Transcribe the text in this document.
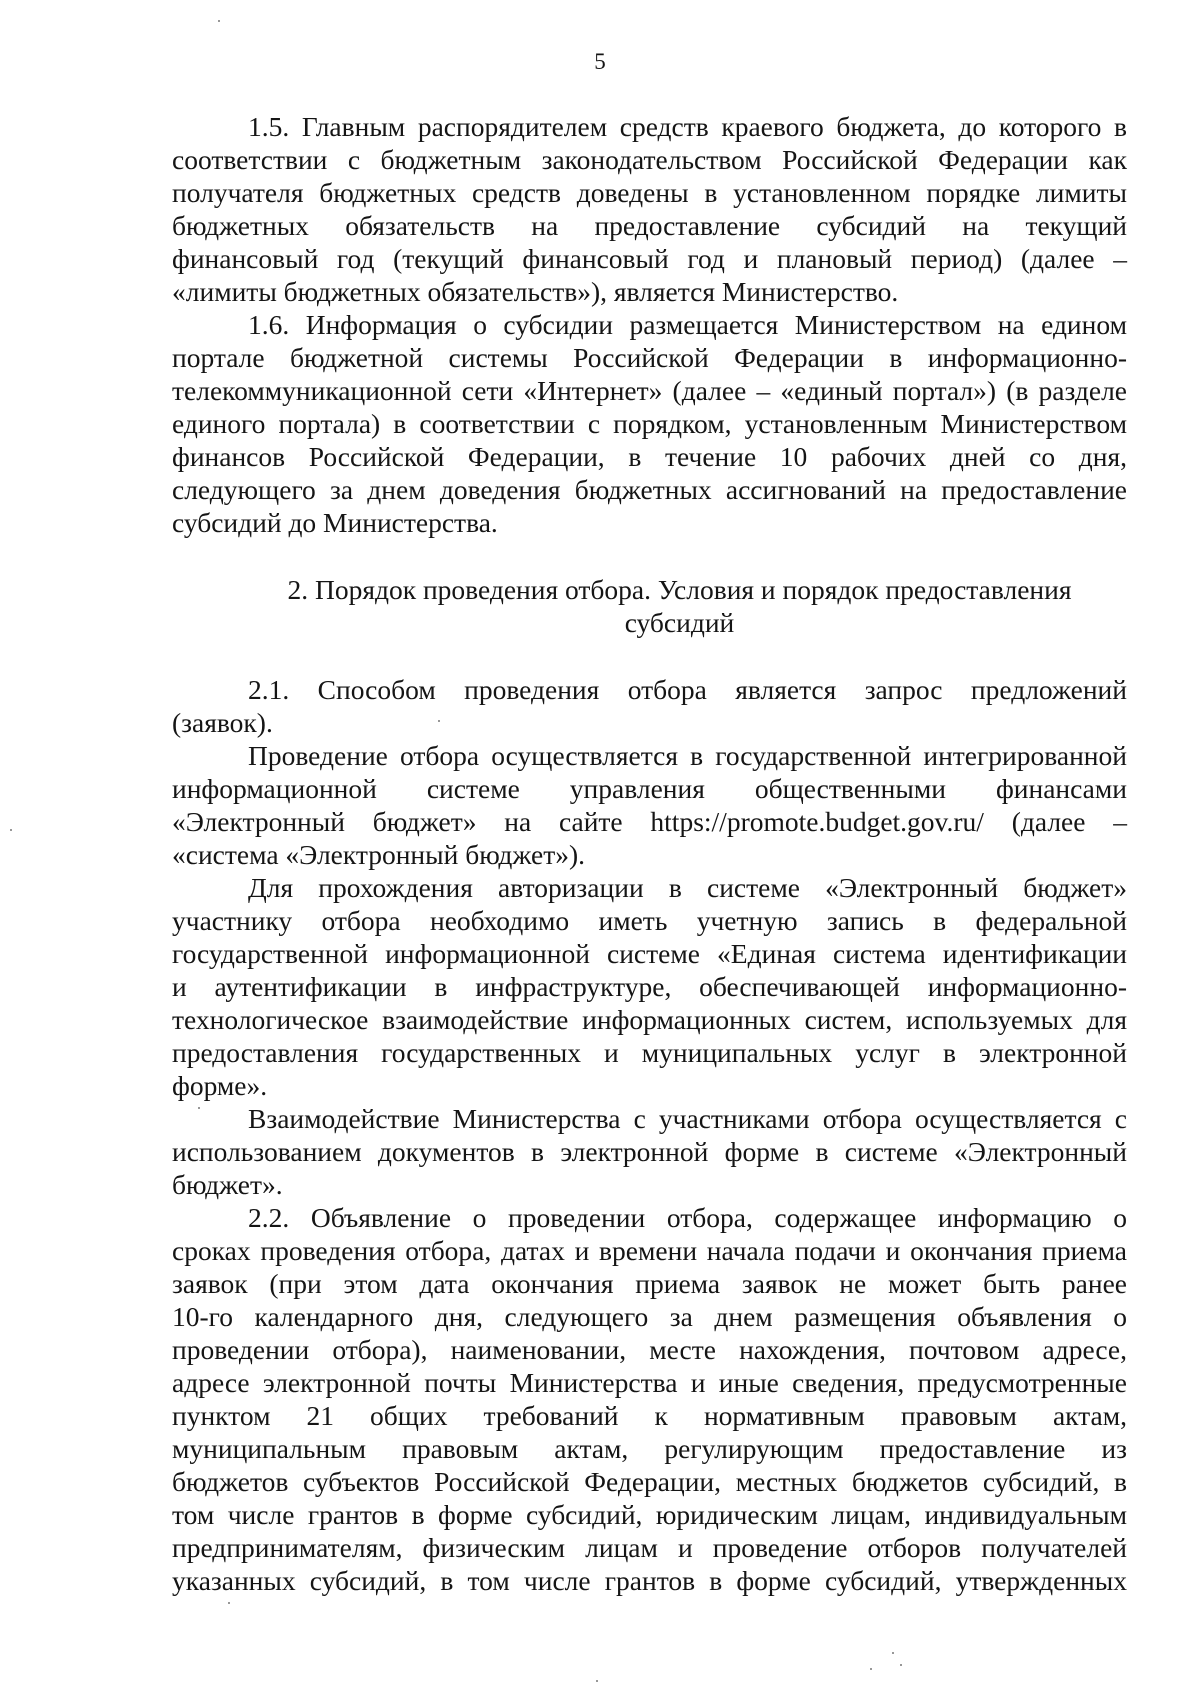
5
1.5. Главным распорядителем средств краевого бюджета, до которого в
соответствии с бюджетным законодательством Российской Федерации как
получателя бюджетных средств доведены в установленном порядке лимиты
бюджетных обязательств на предоставление субсидий на текущий
финансовый год (текущий финансовый год и плановый период) (далее –
«лимиты бюджетных обязательств»), является Министерство.
1.6. Информация о субсидии размещается Министерством на едином
портале бюджетной системы Российской Федерации в информационно-
телекоммуникационной сети «Интернет» (далее – «единый портал») (в разделе
единого портала) в соответствии с порядком, установленным Министерством
финансов Российской Федерации, в течение 10 рабочих дней со дня,
следующего за днем доведения бюджетных ассигнований на предоставление
субсидий до Министерства.
2. Порядок проведения отбора. Условия и порядок предоставления
субсидий
2.1. Способом проведения отбора является запрос предложений
(заявок).
Проведение отбора осуществляется в государственной интегрированной
информационной системе управления общественными финансами
«Электронный бюджет» на сайте https://promote.budget.gov.ru/ (далее –
«система «Электронный бюджет»).
Для прохождения авторизации в системе «Электронный бюджет»
участнику отбора необходимо иметь учетную запись в федеральной
государственной информационной системе «Единая система идентификации
и аутентификации в инфраструктуре, обеспечивающей информационно-
технологическое взаимодействие информационных систем, используемых для
предоставления государственных и муниципальных услуг в электронной
форме».
Взаимодействие Министерства с участниками отбора осуществляется с
использованием документов в электронной форме в системе «Электронный
бюджет».
2.2. Объявление о проведении отбора, содержащее информацию о
сроках проведения отбора, датах и времени начала подачи и окончания приема
заявок (при этом дата окончания приема заявок не может быть ранее
10-го календарного дня, следующего за днем размещения объявления о
проведении отбора), наименовании, месте нахождения, почтовом адресе,
адресе электронной почты Министерства и иные сведения, предусмотренные
пунктом 21 общих требований к нормативным правовым актам,
муниципальным правовым актам, регулирующим предоставление из
бюджетов субъектов Российской Федерации, местных бюджетов субсидий, в
том числе грантов в форме субсидий, юридическим лицам, индивидуальным
предпринимателям, физическим лицам и проведение отборов получателей
указанных субсидий, в том числе грантов в форме субсидий, утвержденных
